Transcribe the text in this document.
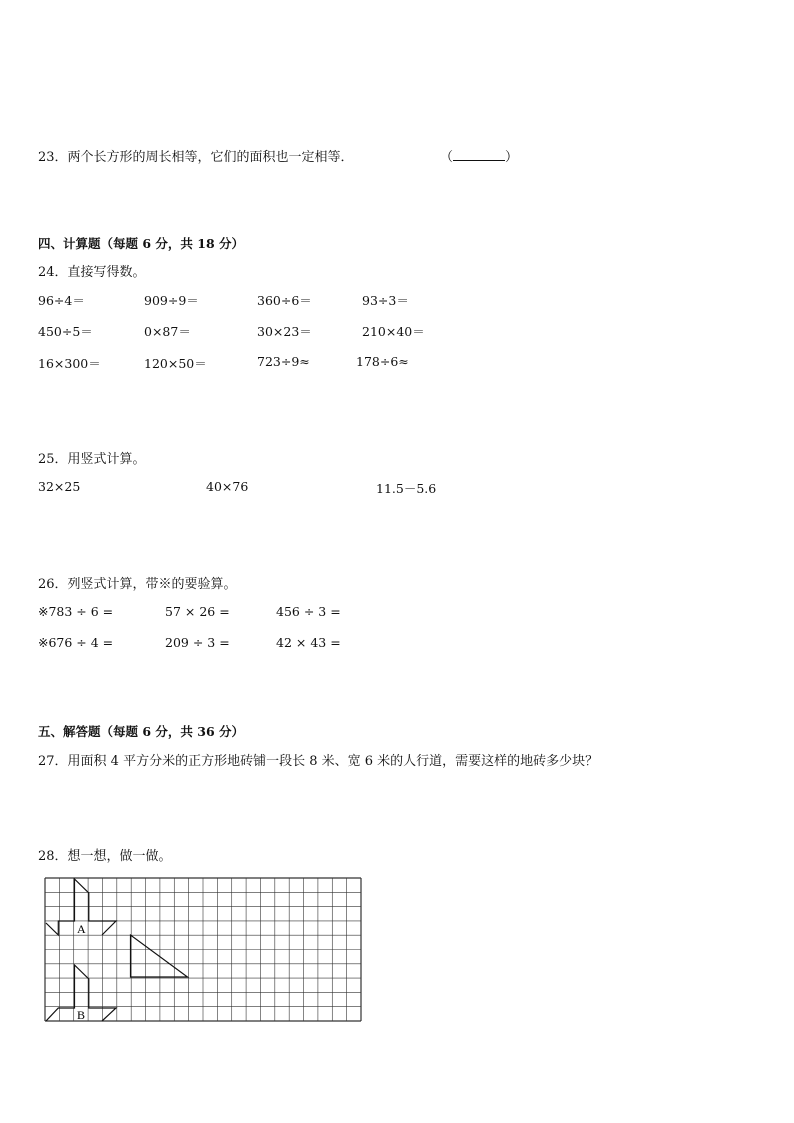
23．两个长方形的周长相等，它们的面积也一定相等．	（	）
四、计算题（每题 6 分，共 18 分）
24．直接写得数。
96÷4＝	909÷9＝	360÷6＝	93÷3＝
450÷5＝	0×87＝	30×23＝	210×40＝
16×300＝	120×50＝	723÷9≈	178÷6≈
25．用竖式计算。
32×25	40×76	11.5－5.6
26．列竖式计算，带※的要验算。
※783 ÷ 6 =	57 × 26 =	456 ÷ 3 =
※676 ÷ 4 =	209 ÷ 3 =	42 × 43 =
五、解答题（每题 6 分，共 36 分）
27．用面积 4 平方分米的正方形地砖铺一段长 8 米、宽 6 米的人行道，需要这样的地砖多少块？
28．想一想，做一做。
A
B
